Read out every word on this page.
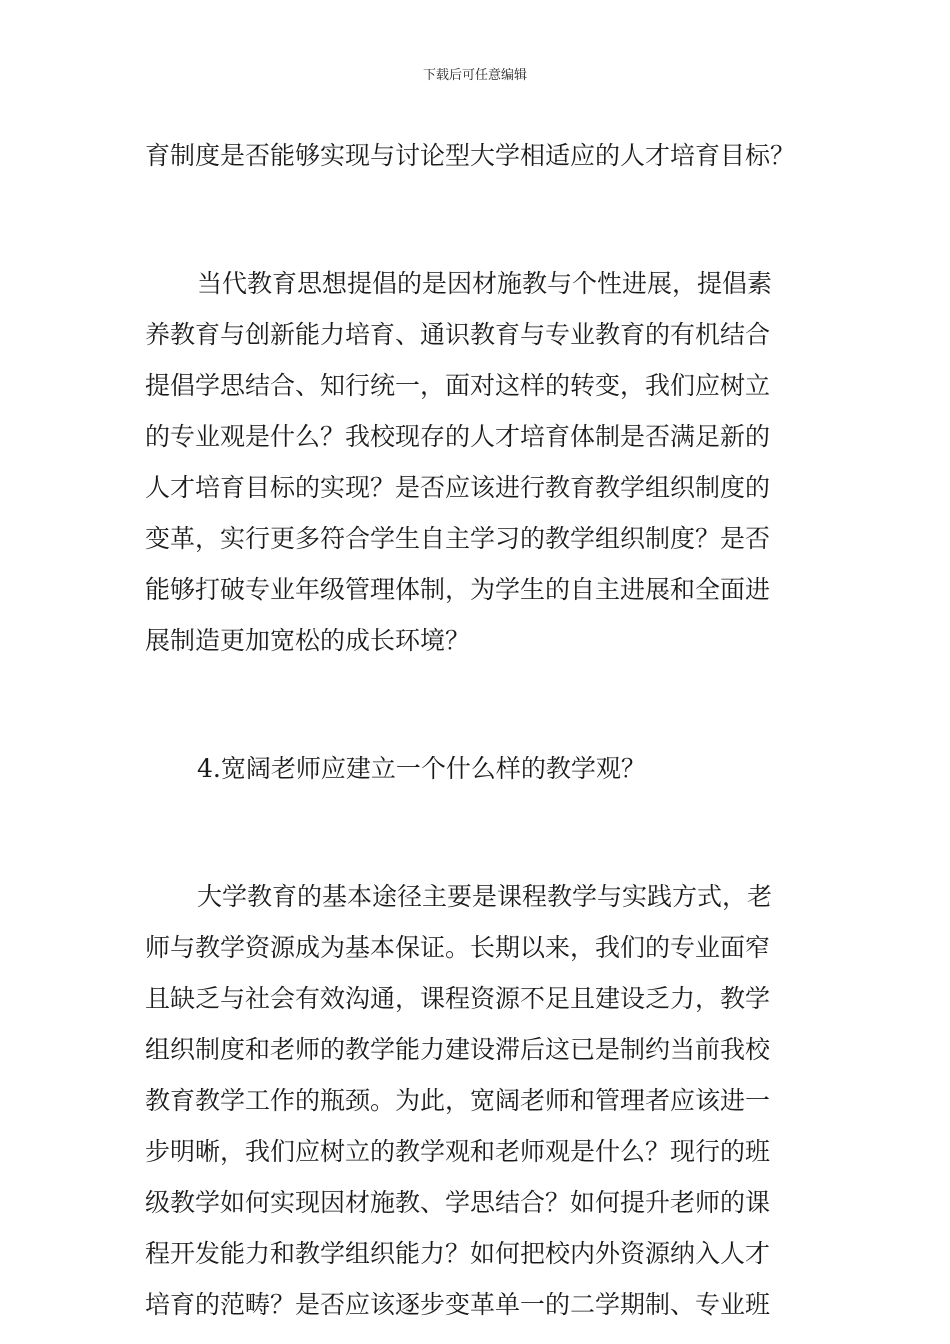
下载后可任意编辑
育制度是否能够实现与讨论型大学相适应的人才培育目标？

当代教育思想提倡的是因材施教与个性进展，提倡素
养教育与创新能力培育、通识教育与专业教育的有机结合
提倡学思结合、知行统一，面对这样的转变，我们应树立
的专业观是什么？我校现存的人才培育体制是否满足新的
人才培育目标的实现？是否应该进行教育教学组织制度的
变革，实行更多符合学生自主学习的教学组织制度？是否
能够打破专业年级管理体制，为学生的自主进展和全面进
展制造更加宽松的成长环境？

4.宽阔老师应建立一个什么样的教学观？

大学教育的基本途径主要是课程教学与实践方式，老
师与教学资源成为基本保证。长期以来，我们的专业面窄
且缺乏与社会有效沟通，课程资源不足且建设乏力，教学
组织制度和老师的教学能力建设滞后这已是制约当前我校
教育教学工作的瓶颈。为此，宽阔老师和管理者应该进一
步明晰，我们应树立的教学观和老师观是什么？现行的班
级教学如何实现因材施教、学思结合？如何提升老师的课
程开发能力和教学组织能力？如何把校内外资源纳入人才
培育的范畴？是否应该逐步变革单一的二学期制、专业班
